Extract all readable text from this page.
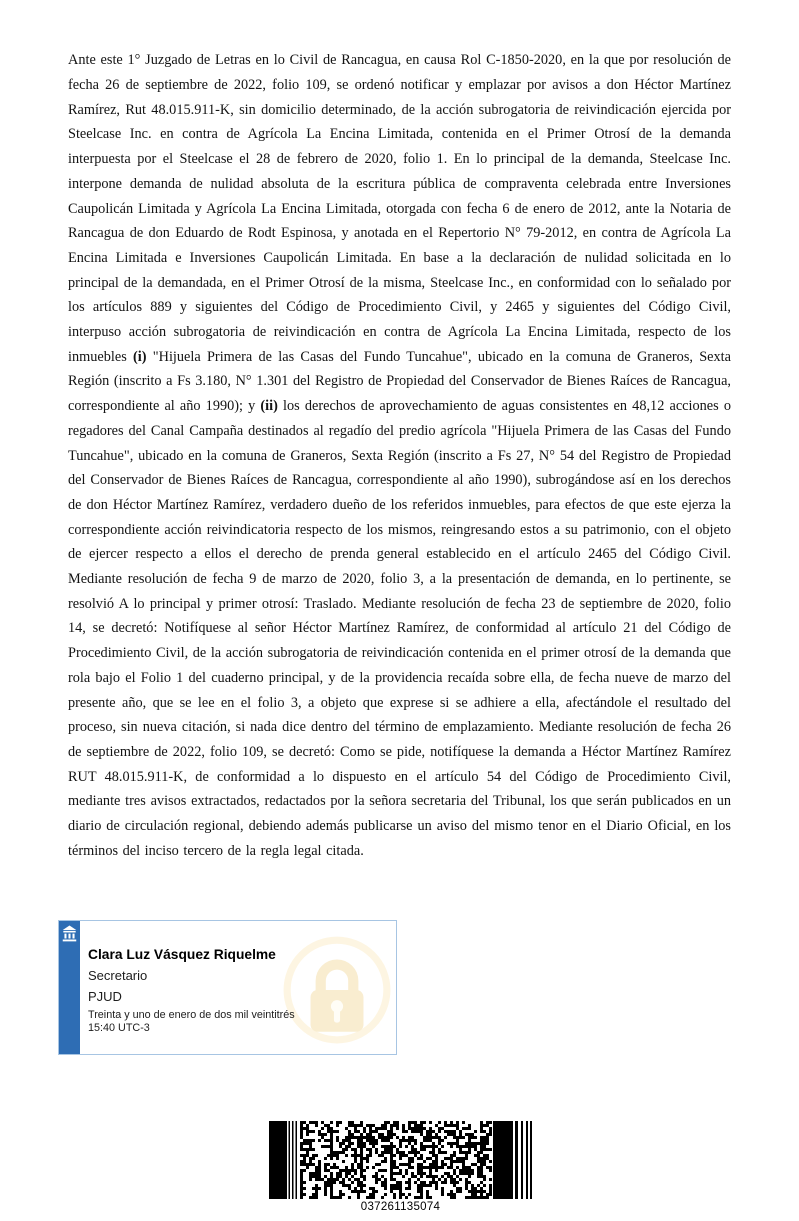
Ante este 1° Juzgado de Letras en lo Civil de Rancagua, en causa Rol C-1850-2020, en la que por resolución de fecha 26 de septiembre de 2022, folio 109, se ordenó notificar y emplazar por avisos a don Héctor Martínez Ramírez, Rut 48.015.911-K, sin domicilio determinado, de la acción subrogatoria de reivindicación ejercida por Steelcase Inc. en contra de Agrícola La Encina Limitada, contenida en el Primer Otrosí de la demanda interpuesta por el Steelcase el 28 de febrero de 2020, folio 1. En lo principal de la demanda, Steelcase Inc. interpone demanda de nulidad absoluta de la escritura pública de compraventa celebrada entre Inversiones Caupolicán Limitada y Agrícola La Encina Limitada, otorgada con fecha 6 de enero de 2012, ante la Notaria de Rancagua de don Eduardo de Rodt Espinosa, y anotada en el Repertorio N° 79-2012, en contra de Agrícola La Encina Limitada e Inversiones Caupolicán Limitada. En base a la declaración de nulidad solicitada en lo principal de la demandada, en el Primer Otrosí de la misma, Steelcase Inc., en conformidad con lo señalado por los artículos 889 y siguientes del Código de Procedimiento Civil, y 2465 y siguientes del Código Civil, interpuso acción subrogatoria de reivindicación en contra de Agrícola La Encina Limitada, respecto de los inmuebles (i) "Hijuela Primera de las Casas del Fundo Tuncahue", ubicado en la comuna de Graneros, Sexta Región (inscrito a Fs 3.180, N° 1.301 del Registro de Propiedad del Conservador de Bienes Raíces de Rancagua, correspondiente al año 1990); y (ii) los derechos de aprovechamiento de aguas consistentes en 48,12 acciones o regadores del Canal Campaña destinados al regadío del predio agrícola "Hijuela Primera de las Casas del Fundo Tuncahue", ubicado en la comuna de Graneros, Sexta Región (inscrito a Fs 27, N° 54 del Registro de Propiedad del Conservador de Bienes Raíces de Rancagua, correspondiente al año 1990), subrogándose así en los derechos de don Héctor Martínez Ramírez, verdadero dueño de los referidos inmuebles, para efectos de que este ejerza la correspondiente acción reivindicatoria respecto de los mismos, reingresando estos a su patrimonio, con el objeto de ejercer respecto a ellos el derecho de prenda general establecido en el artículo 2465 del Código Civil. Mediante resolución de fecha 9 de marzo de 2020, folio 3, a la presentación de demanda, en lo pertinente, se resolvió A lo principal y primer otrosí: Traslado. Mediante resolución de fecha 23 de septiembre de 2020, folio 14, se decretó: Notifíquese al señor Héctor Martínez Ramírez, de conformidad al artículo 21 del Código de Procedimiento Civil, de la acción subrogatoria de reivindicación contenida en el primer otrosí de la demanda que rola bajo el Folio 1 del cuaderno principal, y de la providencia recaída sobre ella, de fecha nueve de marzo del presente año, que se lee en el folio 3, a objeto que exprese si se adhiere a ella, afectándole el resultado del proceso, sin nueva citación, si nada dice dentro del término de emplazamiento. Mediante resolución de fecha 26 de septiembre de 2022, folio 109, se decretó: Como se pide, notifíquese la demanda a Héctor Martínez Ramírez RUT 48.015.911-K, de conformidad a lo dispuesto en el artículo 54 del Código de Procedimiento Civil, mediante tres avisos extractados, redactados por la señora secretaria del Tribunal, los que serán publicados en un diario de circulación regional, debiendo además publicarse un aviso del mismo tenor en el Diario Oficial, en los términos del inciso tercero de la regla legal citada.

Clara Luz Vásquez Riquelme
Secretario
PJUD
Treinta y uno de enero de dos mil veintitrés
15:40 UTC-3
037261135074
